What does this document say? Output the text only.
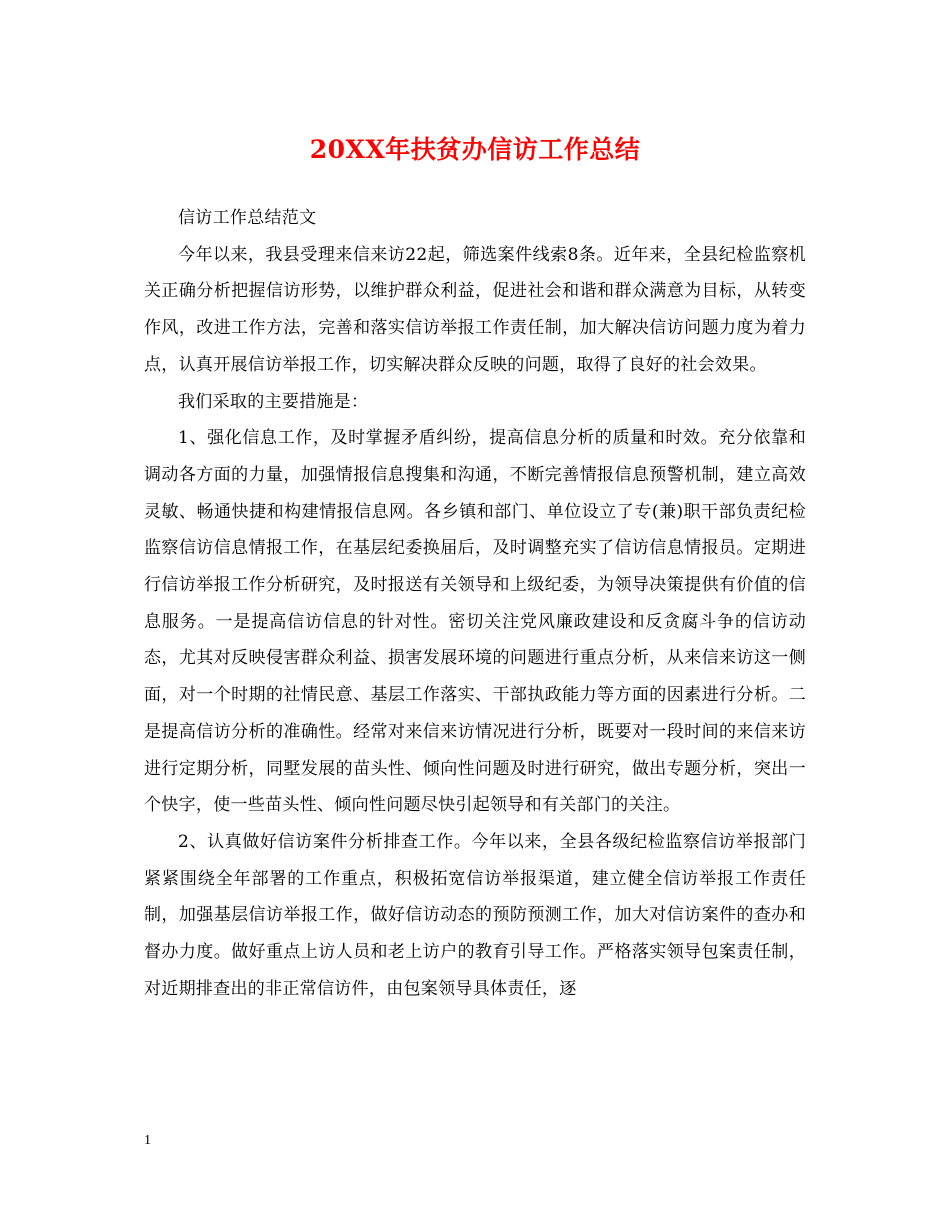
20XX年扶贫办信访工作总结

信访工作总结范文

今年以来，我县受理来信来访22起，筛选案件线索8条。近年来，全县纪检监察机关正确分析把握信访形势，以维护群众利益，促进社会和谐和群众满意为目标，从转变作风，改进工作方法，完善和落实信访举报工作责任制，加大解决信访问题力度为着力点，认真开展信访举报工作，切实解决群众反映的问题，取得了良好的社会效果。

我们采取的主要措施是：

1、强化信息工作，及时掌握矛盾纠纷，提高信息分析的质量和时效。充分依靠和调动各方面的力量，加强情报信息搜集和沟通，不断完善情报信息预警机制，建立高效灵敏、畅通快捷和构建情报信息网。各乡镇和部门、单位设立了专(兼)职干部负责纪检监察信访信息情报工作，在基层纪委换届后，及时调整充实了信访信息情报员。定期进行信访举报工作分析研究，及时报送有关领导和上级纪委，为领导决策提供有价值的信息服务。一是提高信访信息的针对性。密切关注党风廉政建设和反贪腐斗争的信访动态，尤其对反映侵害群众利益、损害发展环境的问题进行重点分析，从来信来访这一侧面，对一个时期的社情民意、基层工作落实、干部执政能力等方面的因素进行分析。二是提高信访分析的准确性。经常对来信来访情况进行分析，既要对一段时间的来信来访进行定期分析，同墅发展的苗头性、倾向性问题及时进行研究，做出专题分析，突出一个快字，使一些苗头性、倾向性问题尽快引起领导和有关部门的关注。

2、认真做好信访案件分析排查工作。今年以来，全县各级纪检监察信访举报部门紧紧围绕全年部署的工作重点，积极拓宽信访举报渠道，建立健全信访举报工作责任制，加强基层信访举报工作，做好信访动态的预防预测工作，加大对信访案件的查办和督办力度。做好重点上访人员和老上访户的教育引导工作。严格落实领导包案责任制，对近期排查出的非正常信访件，由包案领导具体责任，逐

1
